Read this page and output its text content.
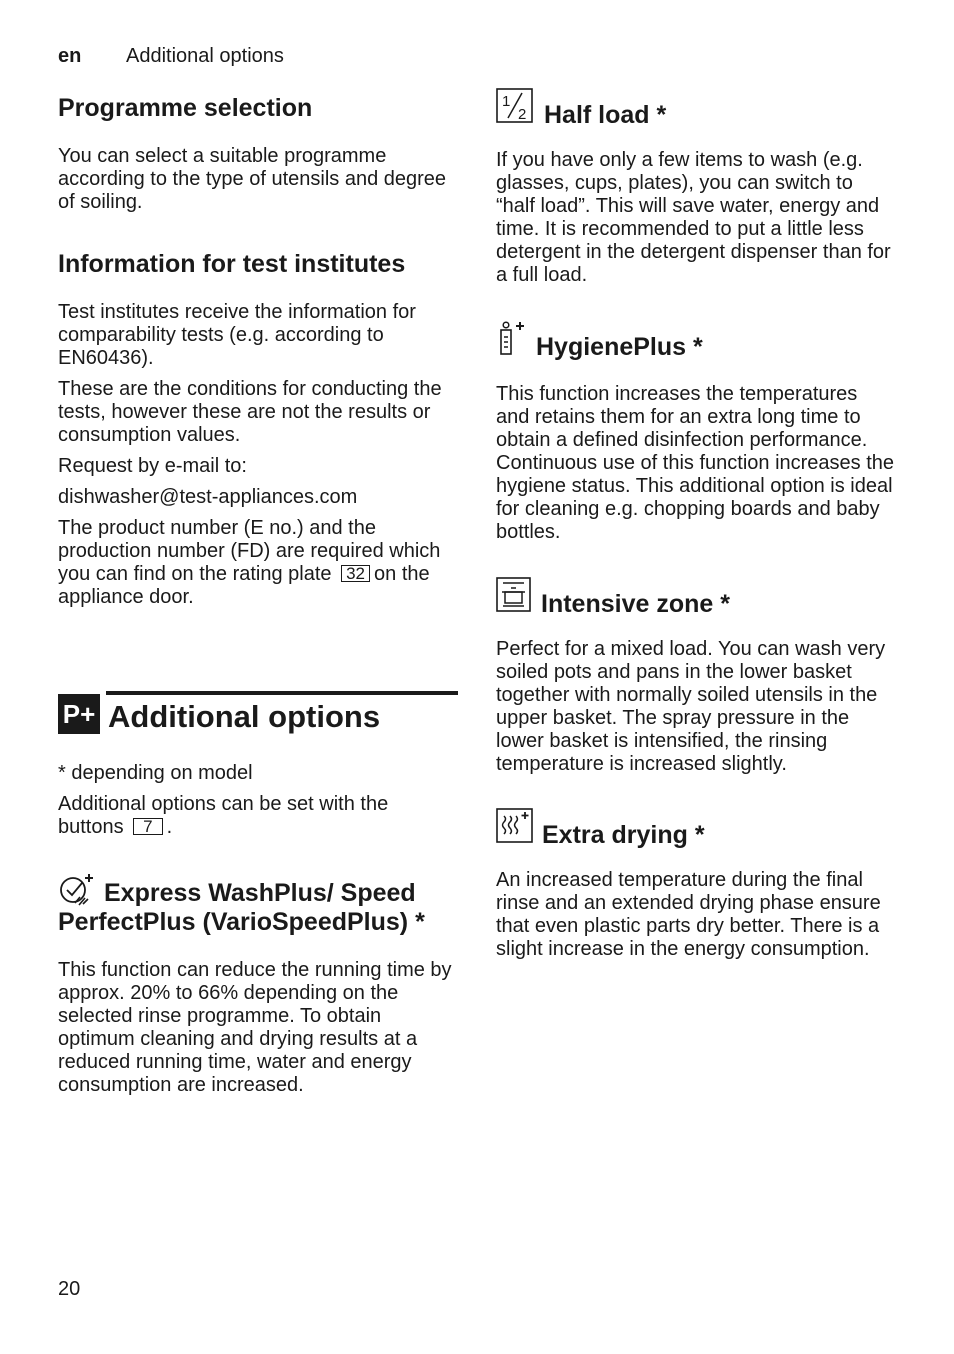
en Additional options
Programme selection

You can select a suitable programme according to the type of utensils and degree of soiling.

Information for test institutes

Test institutes receive the information for comparability tests (e.g. according to EN60436).

These are the conditions for conducting the tests, however these are not the results or consumption values.

Request by e-mail to:

dishwasher@test-appliances.com

The product number (E no.) and the production number (FD) are required which you can find on the rating plate 32 on the appliance door.

P+ Additional options

* depending on model

Additional options can be set with the buttons 7 .

Express WashPlus/ Speed PerfectPlus (VarioSpeedPlus) *

This function can reduce the running time by approx. 20% to 66% depending on the selected rinse programme. To obtain optimum cleaning and drying results at a reduced running time, water and energy consumption are increased.

1
2 Half load *

If you have only a few items to wash (e.g. glasses, cups, plates), you can switch to “half load”. This will save water, energy and time. It is recommended to put a little less detergent in the detergent dispenser than for a full load.

HygienePlus *

This function increases the temperatures and retains them for an extra long time to obtain a defined disinfection performance. Continuous use of this function increases the hygiene status. This additional option is ideal for cleaning e.g. chopping boards and baby bottles.

Intensive zone *

Perfect for a mixed load. You can wash very soiled pots and pans in the lower basket together with normally soiled utensils in the upper basket. The spray pressure in the lower basket is intensified, the rinsing temperature is increased slightly.

Extra drying *

An increased temperature during the final rinse and an extended drying phase ensure that even plastic parts dry better. There is a slight increase in the energy consumption.

20
